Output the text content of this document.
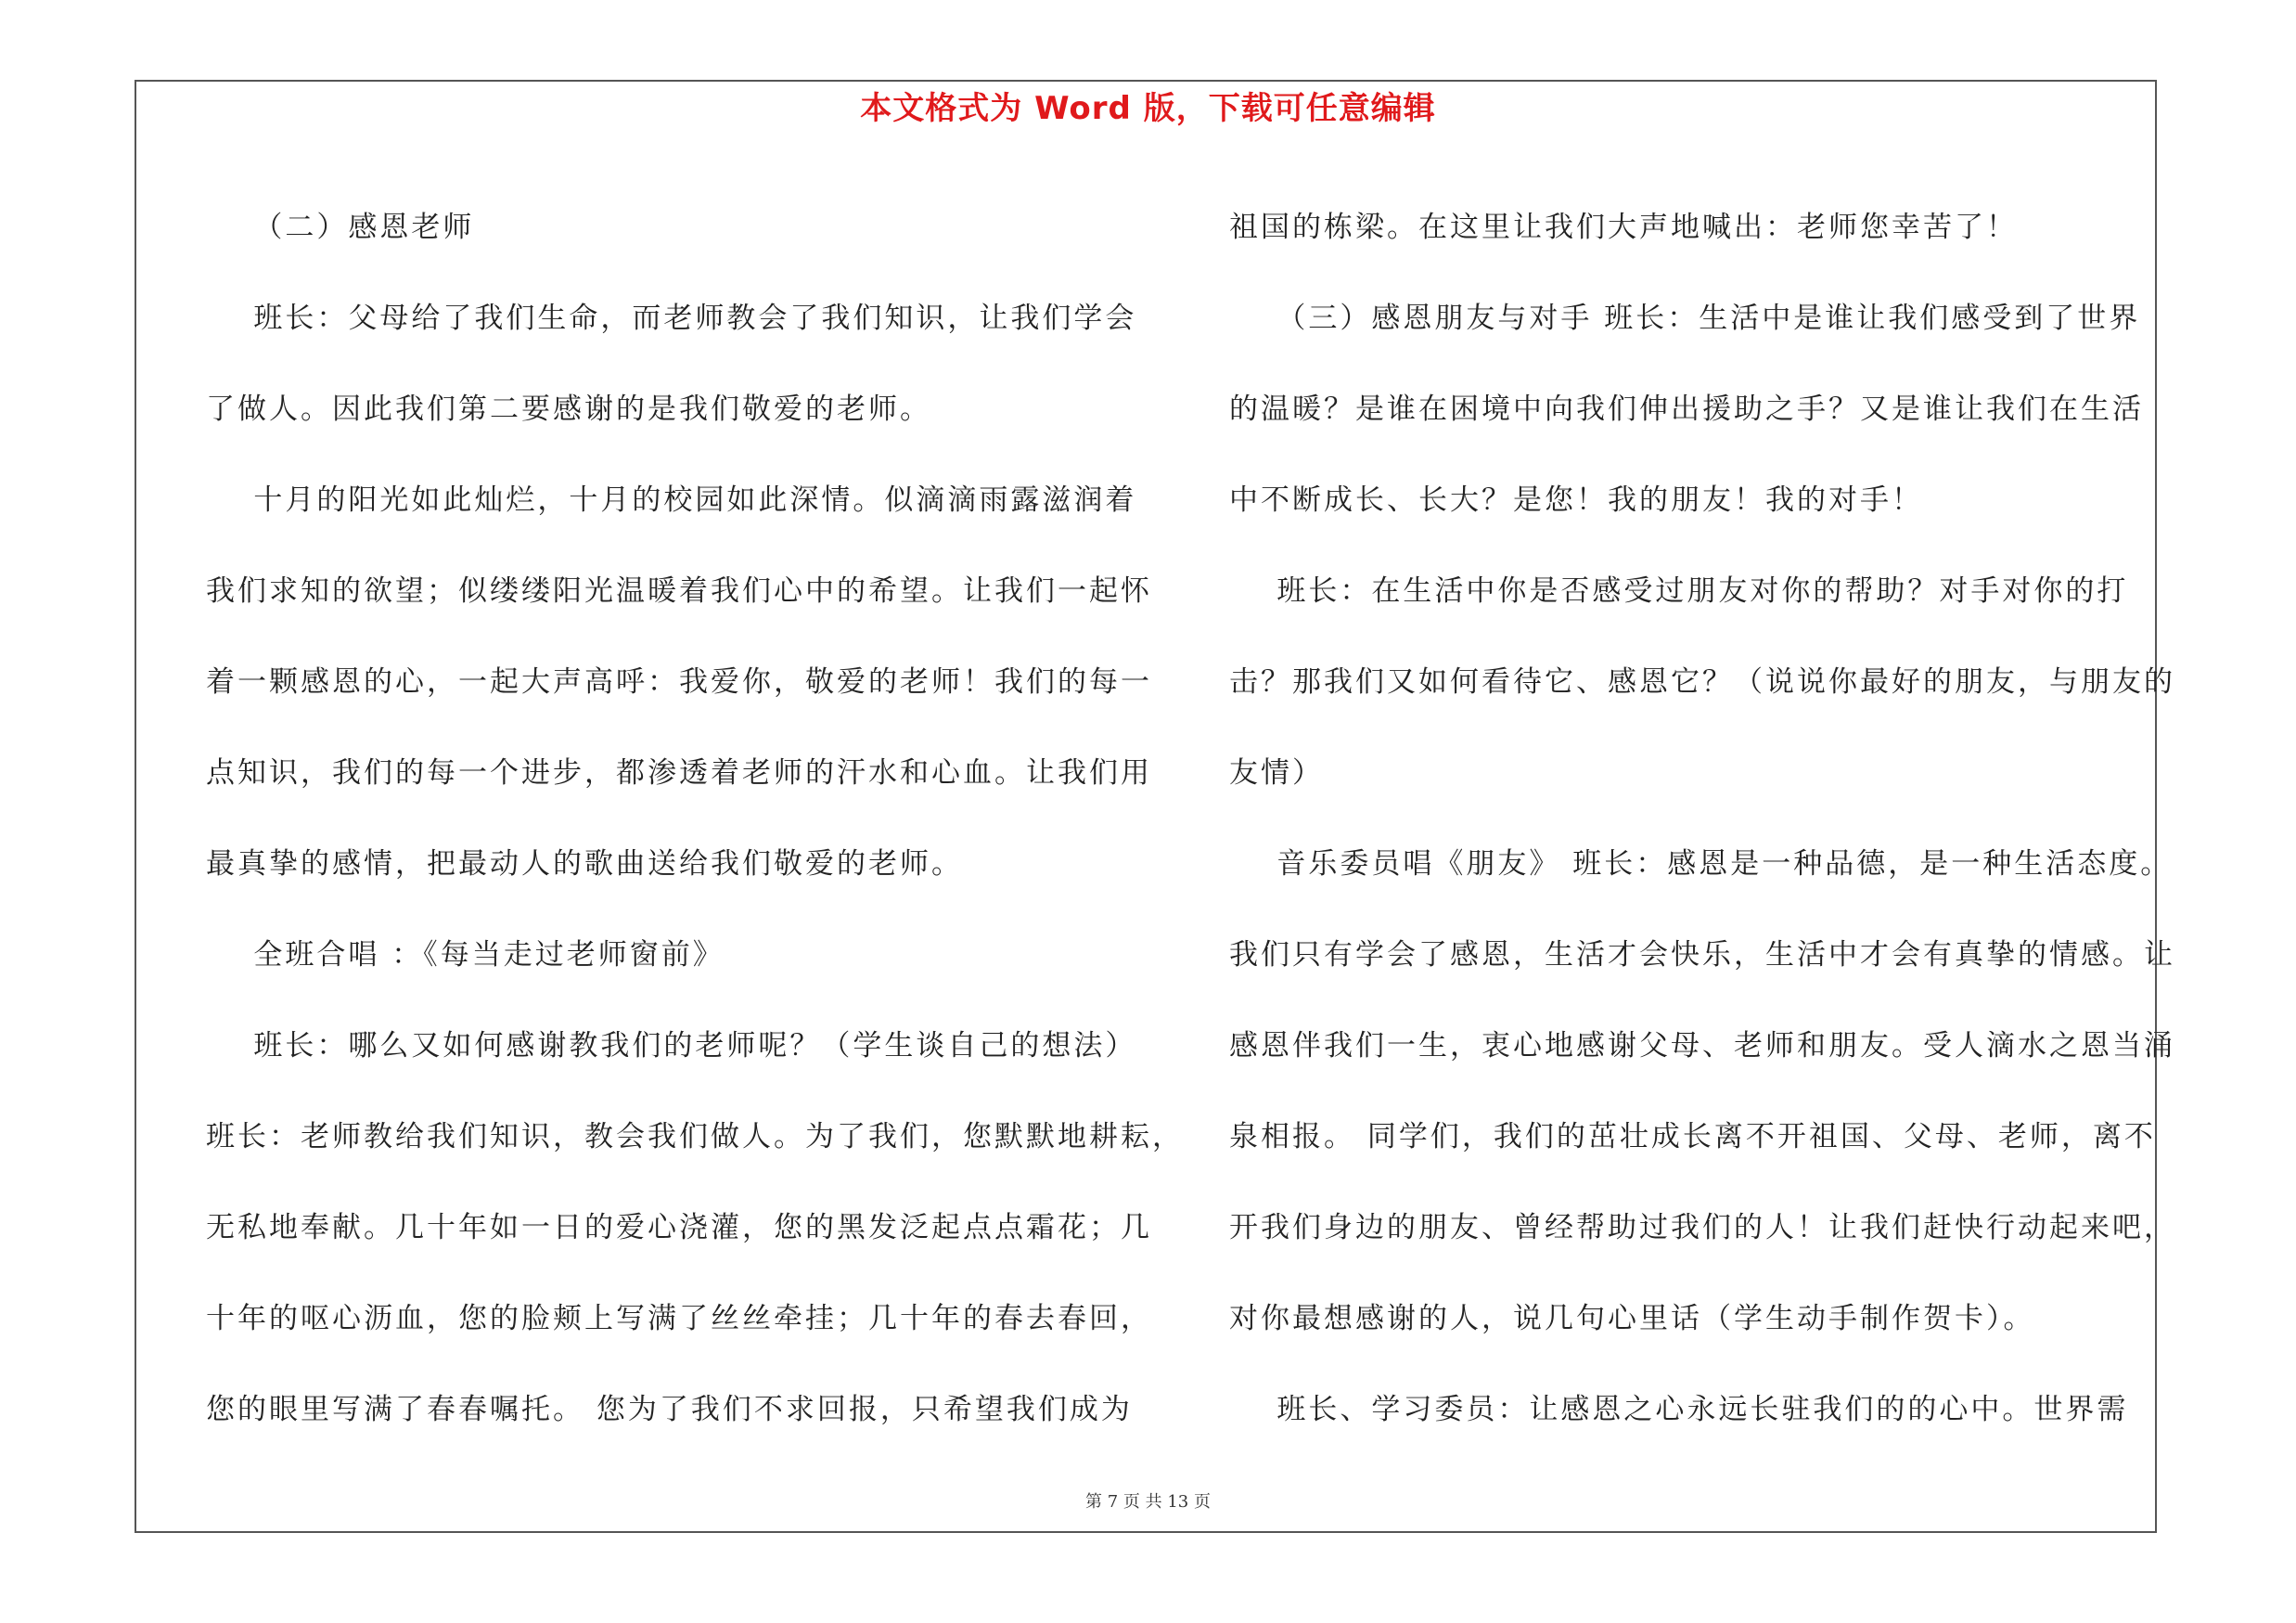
本文格式为 Word 版，下载可任意编辑

（二）感恩老师

班长：父母给了我们生命，而老师教会了我们知识，让我们学会

了做人。因此我们第二要感谢的是我们敬爱的老师。

十月的阳光如此灿烂，十月的校园如此深情。似滴滴雨露滋润着

我们求知的欲望；似缕缕阳光温暖着我们心中的希望。让我们一起怀

着一颗感恩的心，一起大声高呼：我爱你，敬爱的老师！我们的每一

点知识，我们的每一个进步，都渗透着老师的汗水和心血。让我们用

最真挚的感情，把最动人的歌曲送给我们敬爱的老师。

全班合唱 ：《每当走过老师窗前》

班长：哪么又如何感谢教我们的老师呢？（学生谈自己的想法）

班长：老师教给我们知识，教会我们做人。为了我们，您默默地耕耘，

无私地奉献。几十年如一日的爱心浇灌，您的黑发泛起点点霜花；几

十年的呕心沥血，您的脸颊上写满了丝丝牵挂；几十年的春去春回，

您的眼里写满了春春嘱托。 您为了我们不求回报，只希望我们成为

祖国的栋梁。在这里让我们大声地喊出：老师您幸苦了！

（三）感恩朋友与对手 班长：生活中是谁让我们感受到了世界

的温暖？是谁在困境中向我们伸出援助之手？又是谁让我们在生活

中不断成长、长大？是您！我的朋友！我的对手！

班长：在生活中你是否感受过朋友对你的帮助？对手对你的打

击？那我们又如何看待它、感恩它？（说说你最好的朋友，与朋友的

友情）

音乐委员唱《朋友》 班长：感恩是一种品德，是一种生活态度。

我们只有学会了感恩，生活才会快乐，生活中才会有真挚的情感。让

感恩伴我们一生，衷心地感谢父母、老师和朋友。受人滴水之恩当涌

泉相报。 同学们，我们的茁壮成长离不开祖国、父母、老师，离不

开我们身边的朋友、曾经帮助过我们的人！让我们赶快行动起来吧，

对你最想感谢的人，说几句心里话（学生动手制作贺卡）。

班长、学习委员：让感恩之心永远长驻我们的的心中。世界需

第 7 页 共 13 页
